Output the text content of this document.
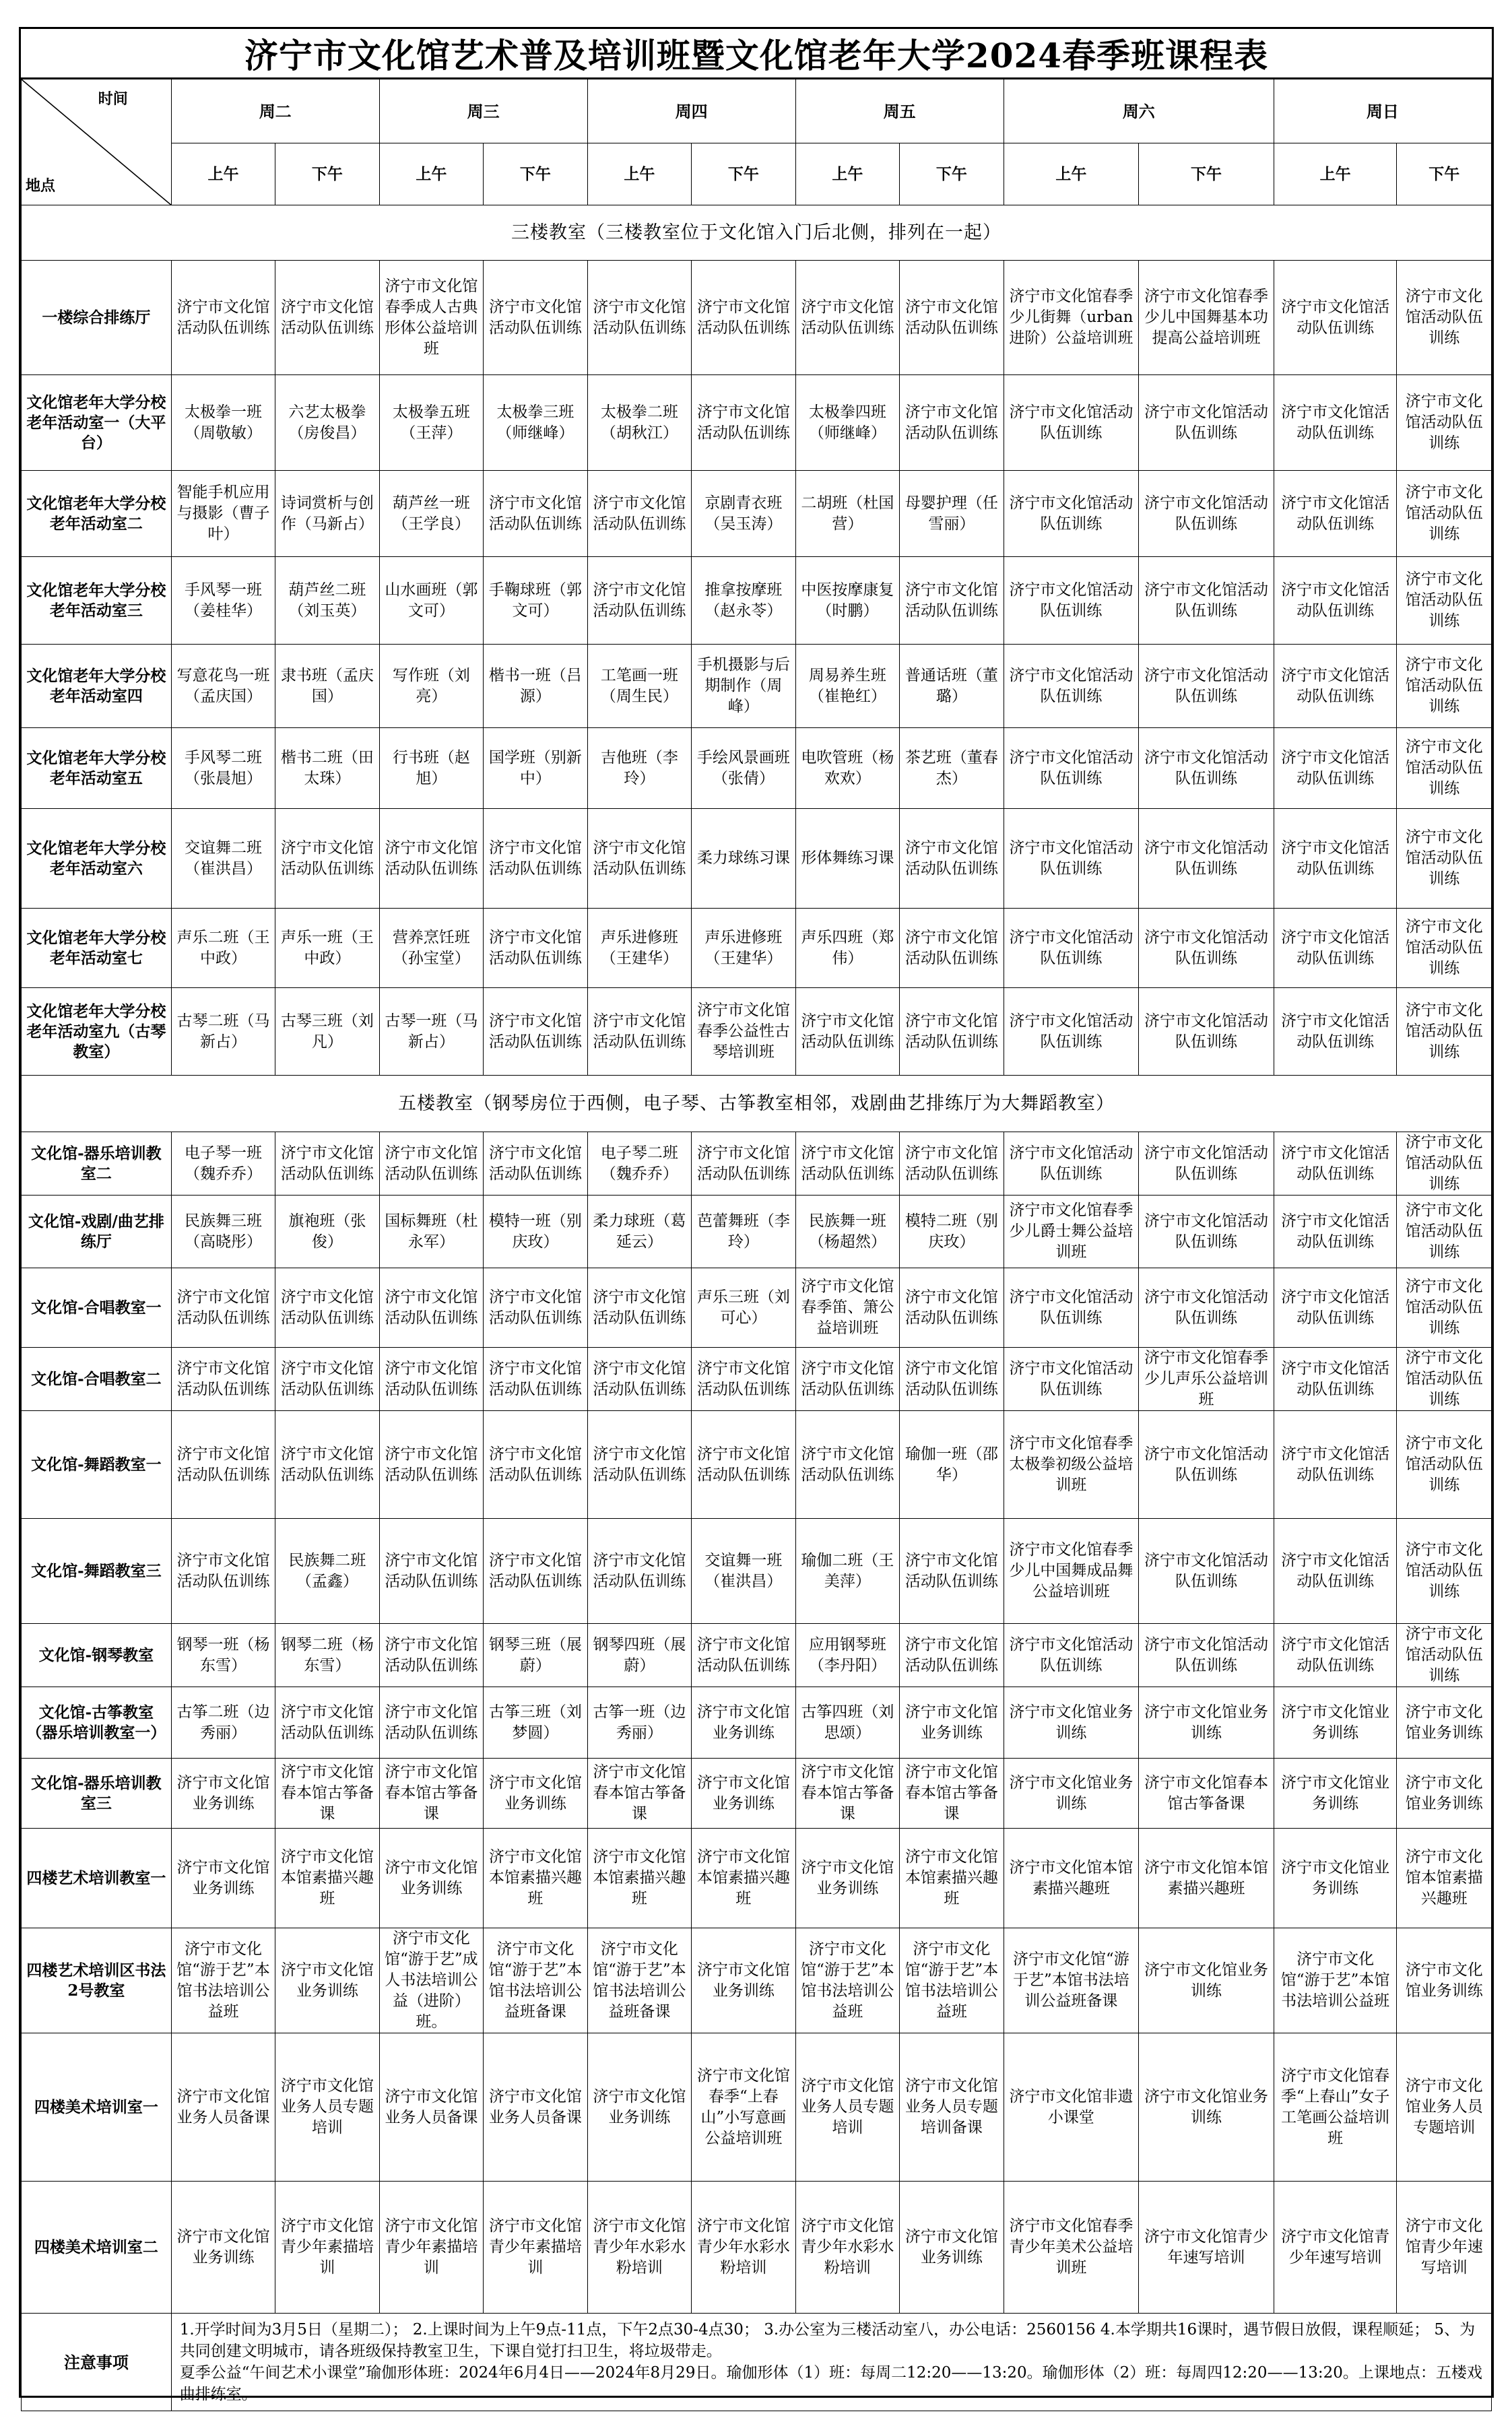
济宁市文化馆艺术普及培训班暨文化馆老年大学2024春季班课程表
时间
地点	周二		周三		周四		周五		周六		周日	
	上午	下午	上午	下午	上午	下午	上午	下午	上午	下午	上午	下午
三楼教室（三楼教室位于文化馆入门后北侧，排列在一起）												
一楼综合排练厅	济宁市文化馆活动队伍训练	济宁市文化馆活动队伍训练	济宁市文化馆春季成人古典形体公益培训班	济宁市文化馆活动队伍训练	济宁市文化馆活动队伍训练	济宁市文化馆活动队伍训练	济宁市文化馆活动队伍训练	济宁市文化馆活动队伍训练	济宁市文化馆春季少儿街舞（urban进阶）公益培训班	济宁市文化馆春季少儿中国舞基本功提高公益培训班	济宁市文化馆活动队伍训练	济宁市文化馆活动队伍训练
文化馆老年大学分校老年活动室一（大平台）	太极拳一班（周敬敏）	六艺太极拳（房俊昌）	太极拳五班（王萍）	太极拳三班（师继峰）	太极拳二班（胡秋江）	济宁市文化馆活动队伍训练	太极拳四班（师继峰）	济宁市文化馆活动队伍训练	济宁市文化馆活动队伍训练	济宁市文化馆活动队伍训练	济宁市文化馆活动队伍训练	济宁市文化馆活动队伍训练
文化馆老年大学分校老年活动室二	智能手机应用与摄影（曹子叶）	诗词赏析与创作（马新占）	葫芦丝一班（王学良）	济宁市文化馆活动队伍训练	济宁市文化馆活动队伍训练	京剧青衣班（吴玉涛）	二胡班（杜国营）	母婴护理（任雪丽）	济宁市文化馆活动队伍训练	济宁市文化馆活动队伍训练	济宁市文化馆活动队伍训练	济宁市文化馆活动队伍训练
文化馆老年大学分校老年活动室三	手风琴一班（姜桂华）	葫芦丝二班（刘玉英）	山水画班（郭文可）	手鞠球班（郭文可）	济宁市文化馆活动队伍训练	推拿按摩班（赵永苓）	中医按摩康复（时鹏）	济宁市文化馆活动队伍训练	济宁市文化馆活动队伍训练	济宁市文化馆活动队伍训练	济宁市文化馆活动队伍训练	济宁市文化馆活动队伍训练
文化馆老年大学分校老年活动室四	写意花鸟一班（孟庆国）	隶书班（孟庆国）	写作班（刘亮）	楷书一班（吕源）	工笔画一班（周生民）	手机摄影与后期制作（周峰）	周易养生班（崔艳红）	普通话班（董璐）	济宁市文化馆活动队伍训练	济宁市文化馆活动队伍训练	济宁市文化馆活动队伍训练	济宁市文化馆活动队伍训练
文化馆老年大学分校老年活动室五	手风琴二班（张晨旭）	楷书二班（田太珠）	行书班（赵旭）	国学班（别新中）	吉他班（李玲）	手绘风景画班（张倩）	电吹管班（杨欢欢）	茶艺班（董春杰）	济宁市文化馆活动队伍训练	济宁市文化馆活动队伍训练	济宁市文化馆活动队伍训练	济宁市文化馆活动队伍训练
文化馆老年大学分校老年活动室六	交谊舞二班（崔洪昌）	济宁市文化馆活动队伍训练	济宁市文化馆活动队伍训练	济宁市文化馆活动队伍训练	济宁市文化馆活动队伍训练	柔力球练习课	形体舞练习课	济宁市文化馆活动队伍训练	济宁市文化馆活动队伍训练	济宁市文化馆活动队伍训练	济宁市文化馆活动队伍训练	济宁市文化馆活动队伍训练
文化馆老年大学分校老年活动室七	声乐二班（王中政）	声乐一班（王中政）	营养烹饪班（孙宝堂）	济宁市文化馆活动队伍训练	声乐进修班（王建华）	声乐进修班（王建华）	声乐四班（郑伟）	济宁市文化馆活动队伍训练	济宁市文化馆活动队伍训练	济宁市文化馆活动队伍训练	济宁市文化馆活动队伍训练	济宁市文化馆活动队伍训练
文化馆老年大学分校老年活动室九（古琴教室）	古琴二班（马新占）	古琴三班（刘凡）	古琴一班（马新占）	济宁市文化馆活动队伍训练	济宁市文化馆活动队伍训练	济宁市文化馆春季公益性古琴培训班	济宁市文化馆活动队伍训练	济宁市文化馆活动队伍训练	济宁市文化馆活动队伍训练	济宁市文化馆活动队伍训练	济宁市文化馆活动队伍训练	济宁市文化馆活动队伍训练
五楼教室（钢琴房位于西侧，电子琴、古筝教室相邻，戏剧曲艺排练厅为大舞蹈教室）												
文化馆-器乐培训教室二	电子琴一班（魏乔乔）	济宁市文化馆活动队伍训练	济宁市文化馆活动队伍训练	济宁市文化馆活动队伍训练	电子琴二班（魏乔乔）	济宁市文化馆活动队伍训练	济宁市文化馆活动队伍训练	济宁市文化馆活动队伍训练	济宁市文化馆活动队伍训练	济宁市文化馆活动队伍训练	济宁市文化馆活动队伍训练	济宁市文化馆活动队伍训练
文化馆-戏剧/曲艺排练厅	民族舞三班（高晓彤）	旗袍班（张俊）	国标舞班（杜永军）	模特一班（别庆玫）	柔力球班（葛延云）	芭蕾舞班（李玲）	民族舞一班（杨超然）	模特二班（别庆玫）	济宁市文化馆春季少儿爵士舞公益培训班	济宁市文化馆活动队伍训练	济宁市文化馆活动队伍训练	济宁市文化馆活动队伍训练
文化馆-合唱教室一	济宁市文化馆活动队伍训练	济宁市文化馆活动队伍训练	济宁市文化馆活动队伍训练	济宁市文化馆活动队伍训练	济宁市文化馆活动队伍训练	声乐三班（刘可心）	济宁市文化馆春季笛、箫公益培训班	济宁市文化馆活动队伍训练	济宁市文化馆活动队伍训练	济宁市文化馆活动队伍训练	济宁市文化馆活动队伍训练	济宁市文化馆活动队伍训练
文化馆-合唱教室二	济宁市文化馆活动队伍训练	济宁市文化馆活动队伍训练	济宁市文化馆活动队伍训练	济宁市文化馆活动队伍训练	济宁市文化馆活动队伍训练	济宁市文化馆活动队伍训练	济宁市文化馆活动队伍训练	济宁市文化馆活动队伍训练	济宁市文化馆活动队伍训练	济宁市文化馆春季少儿声乐公益培训班	济宁市文化馆活动队伍训练	济宁市文化馆活动队伍训练
文化馆-舞蹈教室一	济宁市文化馆活动队伍训练	济宁市文化馆活动队伍训练	济宁市文化馆活动队伍训练	济宁市文化馆活动队伍训练	济宁市文化馆活动队伍训练	济宁市文化馆活动队伍训练	济宁市文化馆活动队伍训练	瑜伽一班（邵华）	济宁市文化馆春季太极拳初级公益培训班	济宁市文化馆活动队伍训练	济宁市文化馆活动队伍训练	济宁市文化馆活动队伍训练
文化馆-舞蹈教室三	济宁市文化馆活动队伍训练	民族舞二班（孟鑫）	济宁市文化馆活动队伍训练	济宁市文化馆活动队伍训练	济宁市文化馆活动队伍训练	交谊舞一班（崔洪昌）	瑜伽二班（王美萍）	济宁市文化馆活动队伍训练	济宁市文化馆春季少儿中国舞成品舞公益培训班	济宁市文化馆活动队伍训练	济宁市文化馆活动队伍训练	济宁市文化馆活动队伍训练
文化馆-钢琴教室	钢琴一班（杨东雪）	钢琴二班（杨东雪）	济宁市文化馆活动队伍训练	钢琴三班（展蔚）	钢琴四班（展蔚）	济宁市文化馆活动队伍训练	应用钢琴班（李丹阳）	济宁市文化馆活动队伍训练	济宁市文化馆活动队伍训练	济宁市文化馆活动队伍训练	济宁市文化馆活动队伍训练	济宁市文化馆活动队伍训练
文化馆-古筝教室（器乐培训教室一）	古筝二班（边秀丽）	济宁市文化馆活动队伍训练	济宁市文化馆活动队伍训练	古筝三班（刘梦圆）	古筝一班（边秀丽）	济宁市文化馆业务训练	古筝四班（刘思颂）	济宁市文化馆业务训练	济宁市文化馆业务训练	济宁市文化馆业务训练	济宁市文化馆业务训练	济宁市文化馆业务训练
文化馆-器乐培训教室三	济宁市文化馆业务训练	济宁市文化馆春本馆古筝备课	济宁市文化馆春本馆古筝备课	济宁市文化馆业务训练	济宁市文化馆春本馆古筝备课	济宁市文化馆业务训练	济宁市文化馆春本馆古筝备课	济宁市文化馆春本馆古筝备课	济宁市文化馆业务训练	济宁市文化馆春本馆古筝备课	济宁市文化馆业务训练	济宁市文化馆业务训练
四楼艺术培训教室一	济宁市文化馆业务训练	济宁市文化馆本馆素描兴趣班	济宁市文化馆业务训练	济宁市文化馆本馆素描兴趣班	济宁市文化馆本馆素描兴趣班	济宁市文化馆本馆素描兴趣班	济宁市文化馆业务训练	济宁市文化馆本馆素描兴趣班	济宁市文化馆本馆素描兴趣班	济宁市文化馆本馆素描兴趣班	济宁市文化馆业务训练	济宁市文化馆本馆素描兴趣班
四楼艺术培训区书法2号教室	济宁市文化馆“游于艺”本馆书法培训公益班	济宁市文化馆业务训练	济宁市文化馆“游于艺”成人书法培训公益（进阶）班。	济宁市文化馆“游于艺”本馆书法培训公益班备课	济宁市文化馆“游于艺”本馆书法培训公益班备课	济宁市文化馆业务训练	济宁市文化馆“游于艺”本馆书法培训公益班	济宁市文化馆“游于艺”本馆书法培训公益班	济宁市文化馆“游于艺”本馆书法培训公益班备课	济宁市文化馆业务训练	济宁市文化馆“游于艺”本馆书法培训公益班	济宁市文化馆业务训练
四楼美术培训室一	济宁市文化馆业务人员备课	济宁市文化馆业务人员专题培训	济宁市文化馆业务人员备课	济宁市文化馆业务人员备课	济宁市文化馆业务训练	济宁市文化馆春季“上春山”小写意画公益培训班	济宁市文化馆业务人员专题培训	济宁市文化馆业务人员专题培训备课	济宁市文化馆非遗小课堂	济宁市文化馆业务训练	济宁市文化馆春季“上春山”女子工笔画公益培训班	济宁市文化馆业务人员专题培训
四楼美术培训室二	济宁市文化馆业务训练	济宁市文化馆青少年素描培训	济宁市文化馆青少年素描培训	济宁市文化馆青少年素描培训	济宁市文化馆青少年水彩水粉培训	济宁市文化馆青少年水彩水粉培训	济宁市文化馆青少年水彩水粉培训	济宁市文化馆业务训练	济宁市文化馆春季青少年美术公益培训班	济宁市文化馆青少年速写培训	济宁市文化馆青少年速写培训	济宁市文化馆青少年速写培训
注意事项	1.开学时间为3月5日（星期二）； 2.上课时间为上午9点-11点，下午2点30-4点30； 3.办公室为三楼活动室八，办公电话：2560156 4.本学期共16课时，遇节假日放假，课程顺延； 5、为共同创建文明城市，请各班级保持教室卫生，下课自觉打扫卫生，将垃圾带走。
夏季公益“午间艺术小课堂”瑜伽形体班：2024年6月4日——2024年8月29日。瑜伽形体（1）班：每周二12:20——13:20。瑜伽形体（2）班：每周四12:20——13:20。上课地点：五楼戏曲排练室。											
